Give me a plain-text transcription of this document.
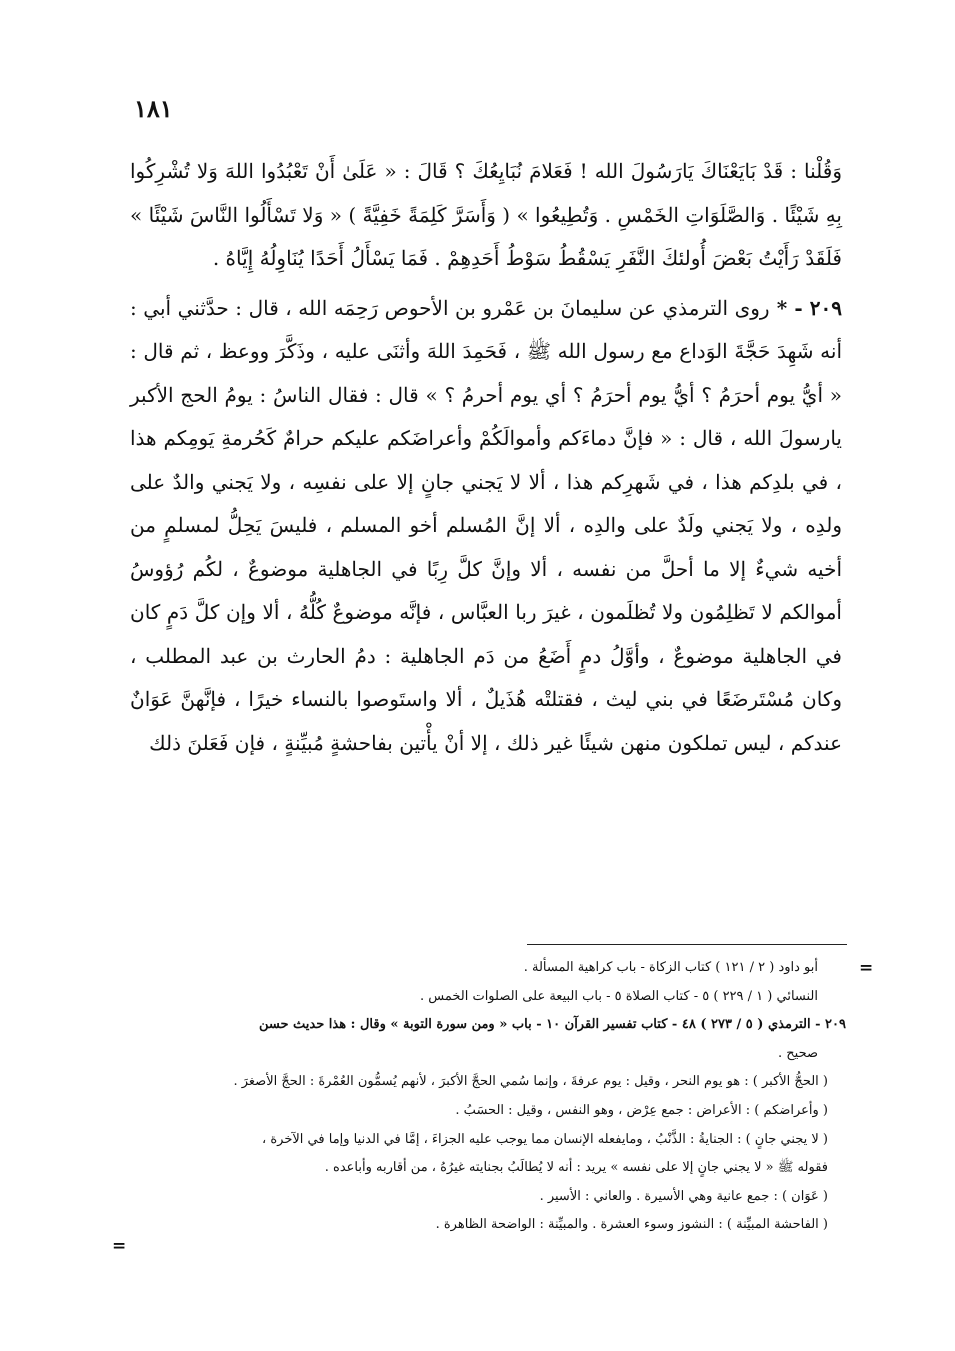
١٨١

وَقُلْنا : قَدْ بَايَعْنَاكَ يَارَسُولَ الله ! فَعَلامَ نُبَايِعُكَ ؟ قَالَ : « عَلَىٰ أَنْ تَعْبُدُوا اللهَ وَلا تُشْرِكُوا بِهِ شَيْئًا . وَالصَّلَوَاتِ الخَمْسِ . وَتُطِيعُوا » ( وَأَسَرَّ كَلِمَةً خَفِيَّةً ) « وَلا تَسْأَلُوا النَّاسَ شَيْئًا » فَلَقَدْ رَأَيْتُ بَعْضَ أُولئكَ النَّفَرِ يَسْقُطُ سَوْطُ أَحَدِهِمْ . فَمَا يَسْأَلُ أَحَدًا يُنَاوِلُهُ إِيَّاهُ .

٢٠٩ - * روى الترمذي عن سليمانَ بن عَمْرو بن الأحوص رَحِمَه الله ، قال : حدَّثني أبي : أنه شَهِدَ حَجَّةَ الوَداع مع رسول الله ﷺ ، فَحَمِدَ اللهَ وأثنَى عليه ، وذَكَّرَ ووعظ ، ثم قال : « أيُّ يوم أحرَمُ ؟ أيُّ يوم أحرَمُ ؟ أي يوم أحرمُ ؟ » قال : فقال الناسُ : يومُ الحج الأكبر يارسولَ الله ، قال : « فإنَّ دماءَكم وأموالَكُمْ وأعراضَكم عليكم حرامٌ كَحُرمةِ يَومِكم هذا ، في بلدِكم هذا ، في شَهرِكم هذا ، ألا لا يَجني جانٍ إلا على نفسِه ، ولا يَجني والدٌ على ولدِه ، ولا يَجني ولَدٌ على والدِه ، ألا إنَّ المُسلم أخو المسلم ، فليسَ يَحِلُّ لمسلمٍ من أخيه شيءٌ إلا ما أحلَّ من نفسه ، ألا وإنَّ كلَّ رِبًا في الجاهلية موضوعٌ ، لكُم رُؤوسُ أموالكم لا تَظلِمُون ولا تُظلَمون ، غيرَ ربا العبَّاس ، فإنَّه موضوعٌ كُلُّهُ ، ألا وإن كلَّ دَمٍ كان في الجاهلية موضوعٌ ، وأوَّلُ دمٍ أَضَعُ من دَم الجاهلية : دمُ الحارث بن عبد المطلب ، وكان مُسْتَرضَعًا في بني ليث ، فقتلتْه هُذَيلٌ ، ألا واستَوصوا بالنساء خيرًا ، فإنَّهنَّ عَوَانٌ عندكم ، ليس تملكون منهن شيئًا غير ذلك ، إلا أنْ يأْتين بفاحشةٍ مُبيِّنةٍ ، فإن فَعَلنَ ذلك

=
=

أبو داود ( ٢ / ١٢١ ) كتاب الزكاة - باب كراهية المسألة .

النسائي ( ١ / ٢٢٩ ) ٥ - كتاب الصلاة ٥ - باب البيعة على الصلوات الخمس .

٢٠٩ - الترمذي ( ٥ / ٢٧٣ ) ٤٨ - كتاب تفسير القرآن ١٠ - باب « ومن سورة التوبة » وقال : هذا حديث حسن

صحيح .

( الحجُّ الأكبر ) : هو يوم النحر ، وقيل : يوم عرفةَ ، وإنما سُمي الحجَّ الأكبرَ ، لأنهم يُسمُّون العُمْرةَ : الحجَّ الأصغرَ .

( وأعراضكم ) : الأعراض : جمع عِرْض ، وهو النفس ، وقيل : الحسَبُ .

( لا يجني جانٍ ) : الجنايةُ : الذَّنْبُ ، ومايفعله الإنسان مما يوجب عليه الجزاءَ ، إمَّا في الدنيا وإما في الآخرة ،

فقوله ﷺ « لا يجني جانٍ إلا على نفسه » يريد : أنه لا يُطالَبُ بجنايته غيرُهُ ، من أقاربه وأباعده .

( عَوَان ) : جمع عانية وهي الأسيرة . والعاني : الأسير .

( الفاحشة المبيِّنة ) : النشوز وسوء العشرة . والمبيِّنة : الواضحة الظاهرة .
